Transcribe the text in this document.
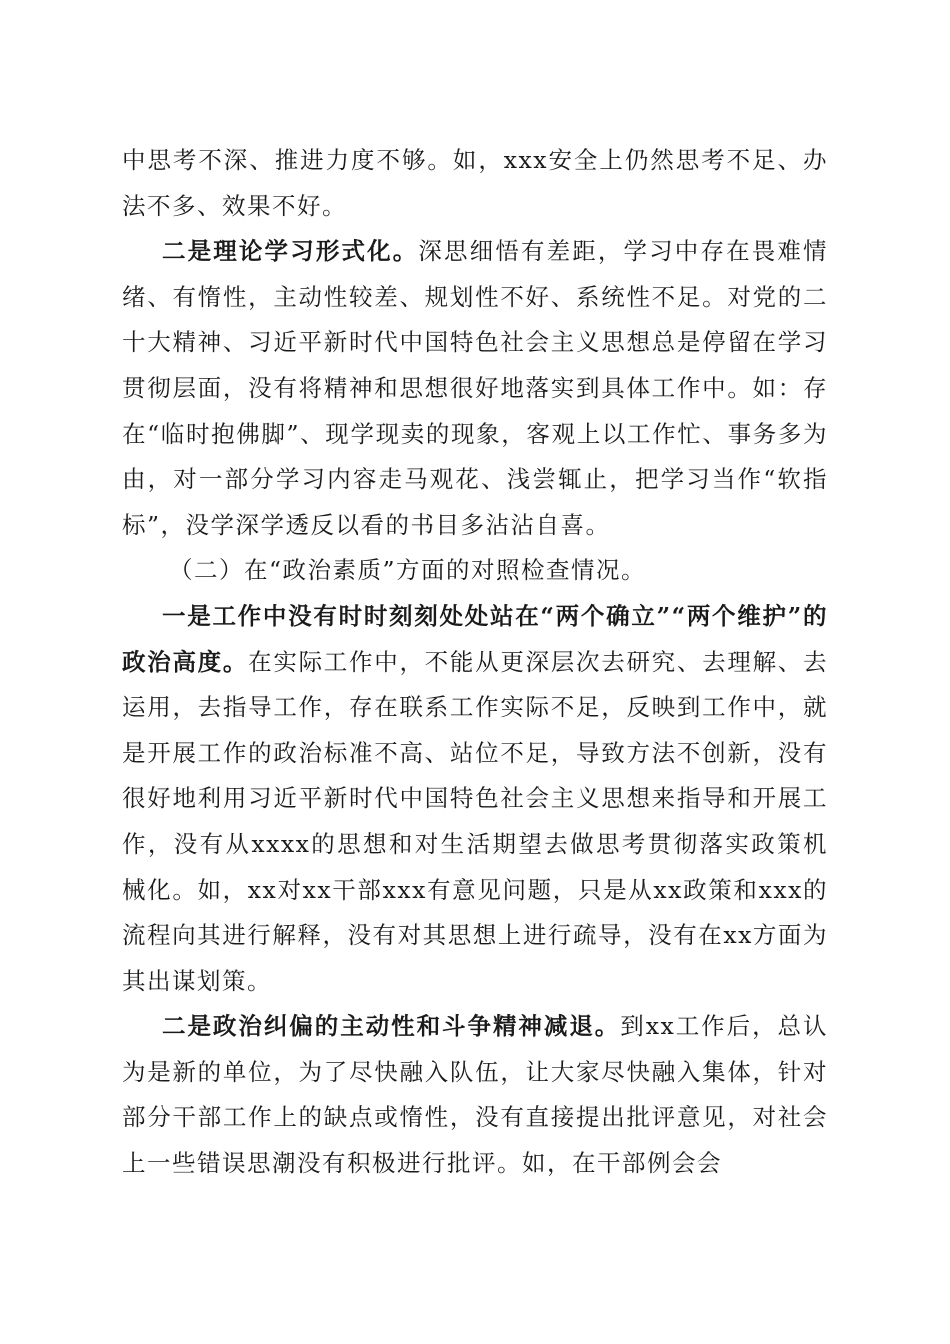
中思考不深、推进力度不够。如，xxx安全上仍然思考不足、办法不多、效果不好。

二是理论学习形式化。深思细悟有差距，学习中存在畏难情绪、有惰性，主动性较差、规划性不好、系统性不足。对党的二十大精神、习近平新时代中国特色社会主义思想总是停留在学习贯彻层面，没有将精神和思想很好地落实到具体工作中。如：存在“临时抱佛脚”、现学现卖的现象，客观上以工作忙、事务多为由，对一部分学习内容走马观花、浅尝辄止，把学习当作“软指标”，没学深学透反以看的书目多沾沾自喜。

（二）在“政治素质”方面的对照检查情况。

一是工作中没有时时刻刻处处站在“两个确立”“两个维护”的政治高度。在实际工作中，不能从更深层次去研究、去理解、去运用，去指导工作，存在联系工作实际不足，反映到工作中，就是开展工作的政治标准不高、站位不足，导致方法不创新，没有很好地利用习近平新时代中国特色社会主义思想来指导和开展工作，没有从xxxx的思想和对生活期望去做思考贯彻落实政策机械化。如，xx对xx干部xxx有意见问题，只是从xx政策和xxx的流程向其进行解释，没有对其思想上进行疏导，没有在xx方面为其出谋划策。

二是政治纠偏的主动性和斗争精神减退。到xx工作后，总认为是新的单位，为了尽快融入队伍，让大家尽快融入集体，针对部分干部工作上的缺点或惰性，没有直接提出批评意见，对社会上一些错误思潮没有积极进行批评。如，在干部例会会
